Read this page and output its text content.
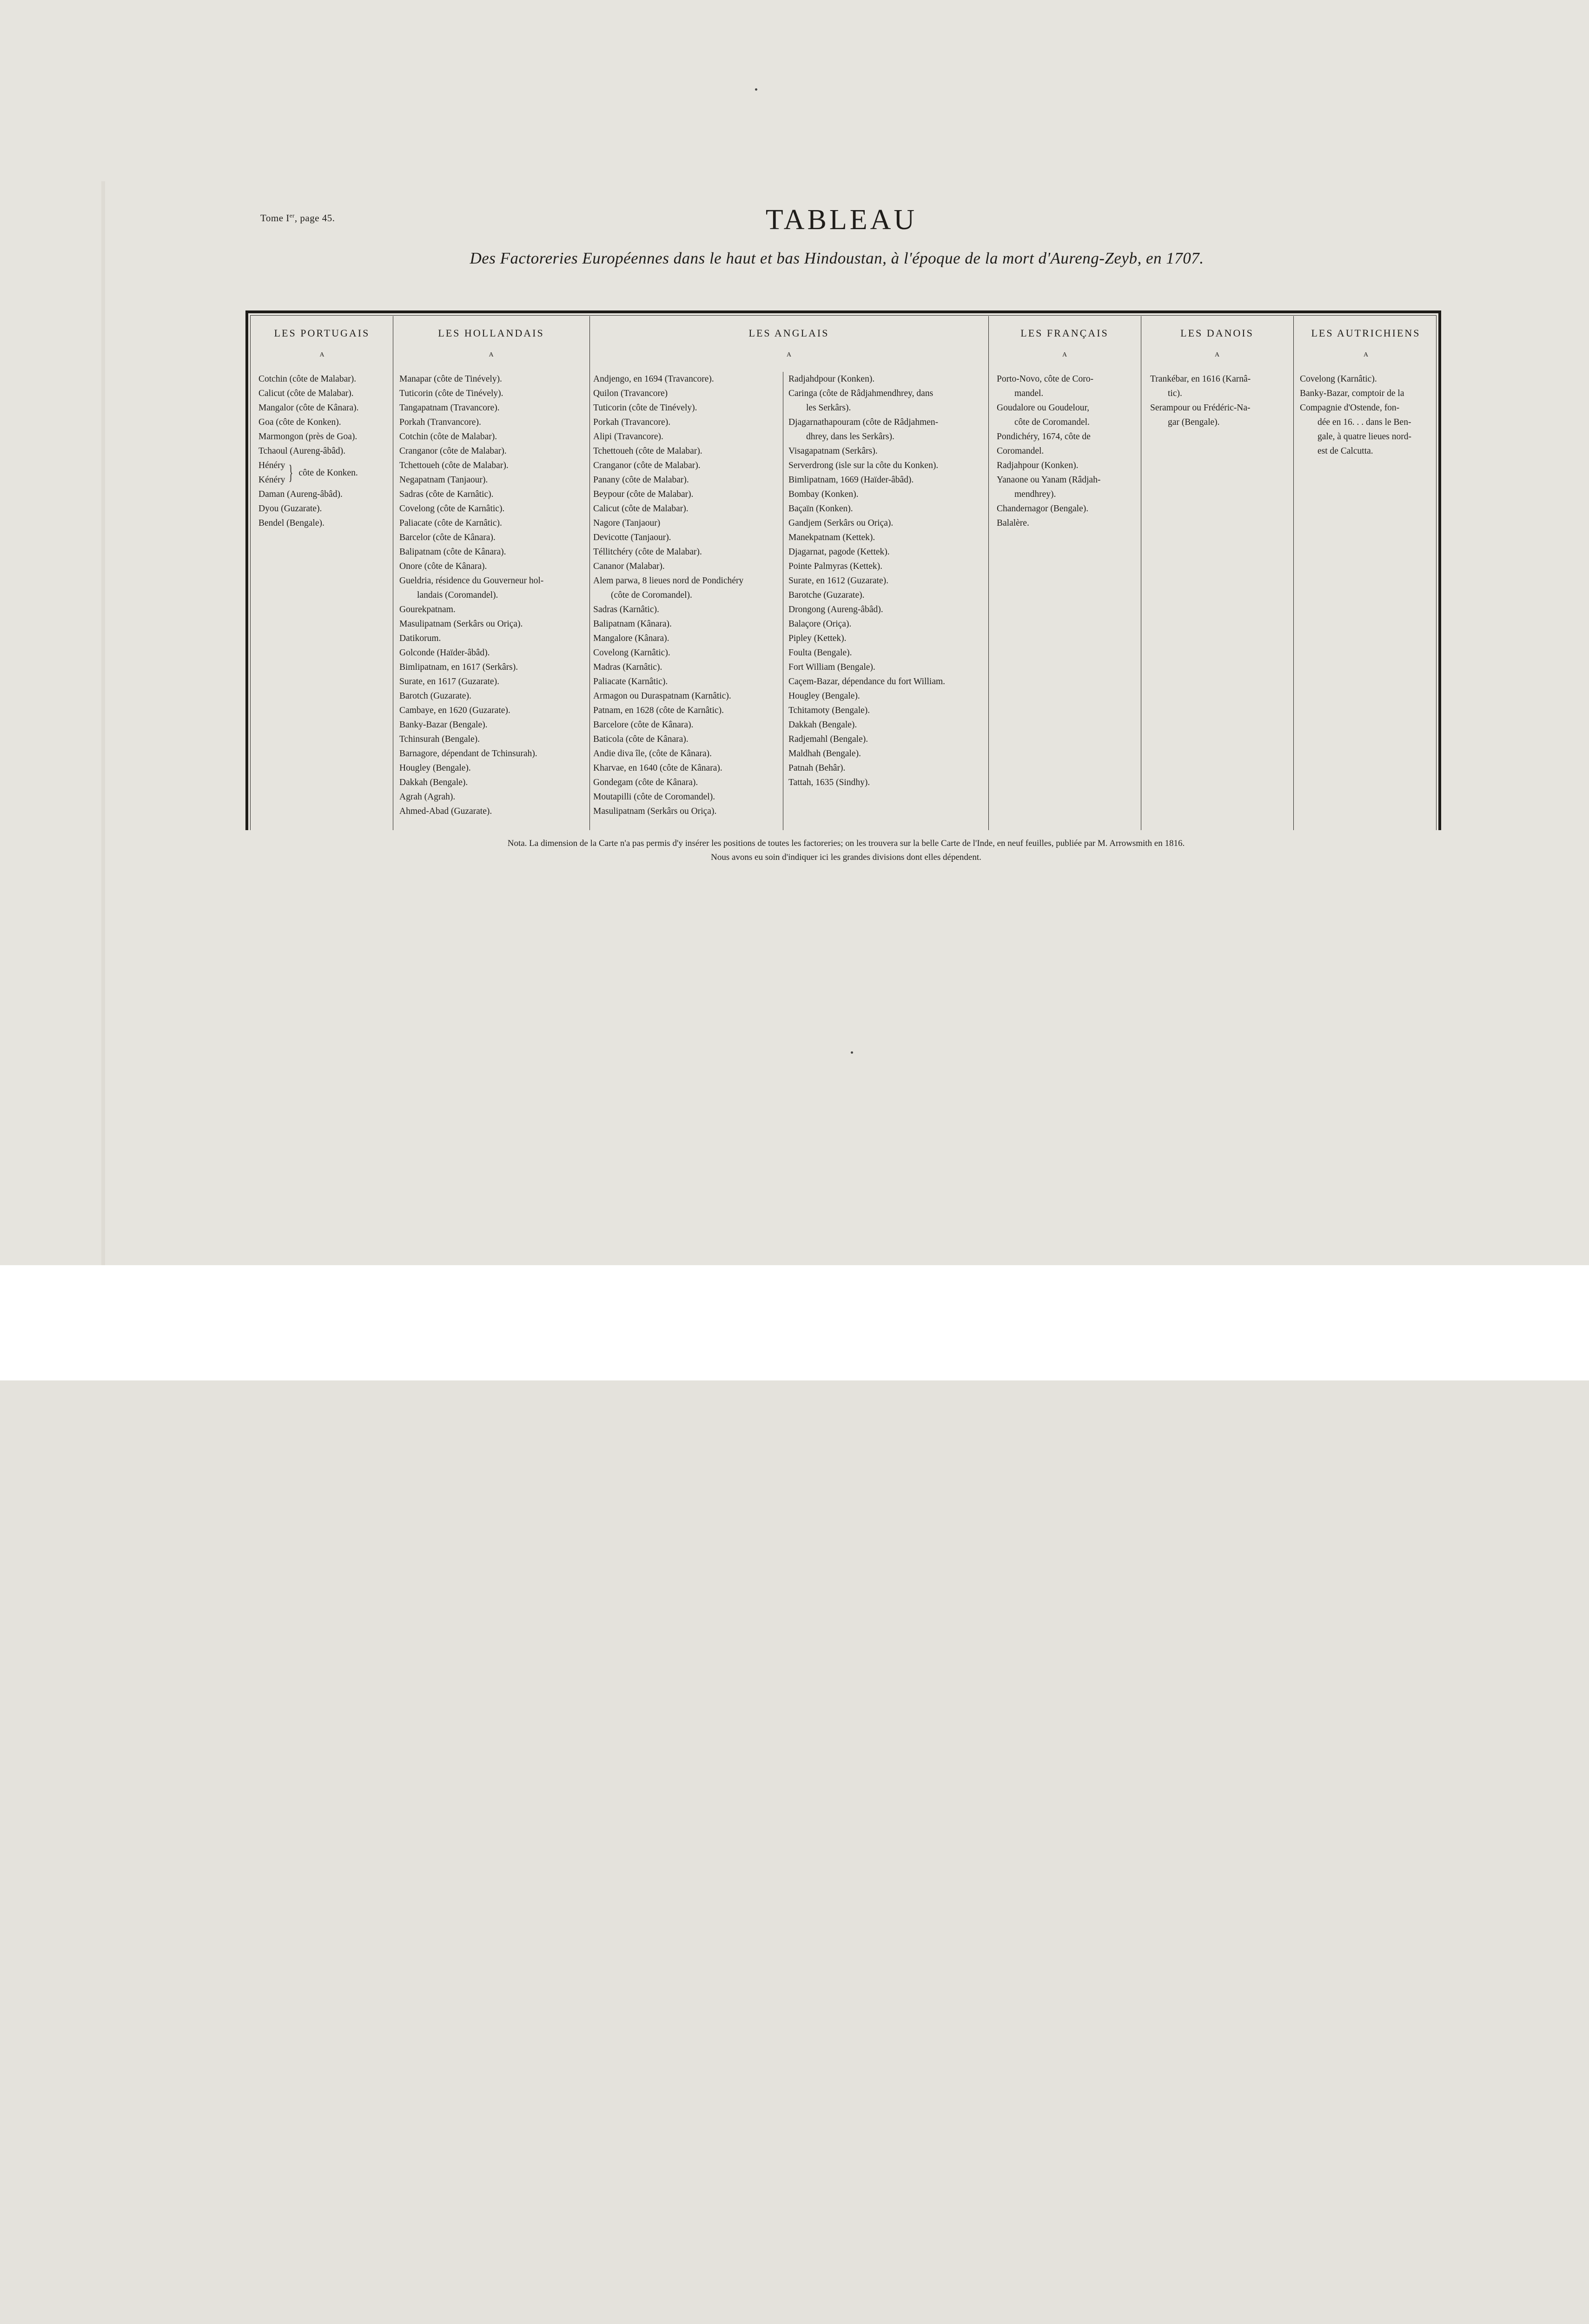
Tome Ier, page 45.	TABLEAU
Des Factoreries Européennes dans le haut et bas Hindoustan, à l'époque de la mort d'Aureng-Zeyb, en 1707.
LES PORTUGAIS
A
Cotchin (côte de Malabar).
Calicut (côte de Malabar).
Mangalor (côte de Kânara).
Goa (côte de Konken).
Marmongon (près de Goa).
Tchaoul (Aureng-âbâd).
Hénéry
Kénéry } côte de Konken.
Daman (Aureng-âbâd).
Dyou (Guzarate).
Bendel (Bengale).
LES HOLLANDAIS
A
Manapar (côte de Tinévely).
Tuticorin (côte de Tinévely).
Tangapatnam (Travancore).
Porkah (Tranvancore).
Cotchin (côte de Malabar).
Cranganor (côte de Malabar).
Tchettoueh (côte de Malabar).
Negapatnam (Tanjaour).
Sadras (côte de Karnâtic).
Covelong (côte de Karnâtic).
Paliacate (côte de Karnâtic).
Barcelor (côte de Kânara).
Balipatnam (côte de Kânara).
Onore (côte de Kânara).
Gueldria, résidence du Gouverneur hol-
landais (Coromandel).
Gourekpatnam.
Masulipatnam (Serkârs ou Oriça).
Datikorum.
Golconde (Haïder-âbâd).
Bimlipatnam, en 1617 (Serkârs).
Surate, en 1617 (Guzarate).
Barotch (Guzarate).
Cambaye, en 1620 (Guzarate).
Banky-Bazar (Bengale).
Tchinsurah (Bengale).
Barnagore, dépendant de Tchinsurah).
Hougley (Bengale).
Dakkah (Bengale).
Agrah (Agrah).
Ahmed-Abad (Guzarate).
LES ANGLAIS
A
Andjengo, en 1694 (Travancore).
Quilon (Travancore)
Tuticorin (côte de Tinévely).
Porkah (Travancore).
Alipi (Travancore).
Tchettoueh (côte de Malabar).
Cranganor (côte de Malabar).
Panany (côte de Malabar).
Beypour (côte de Malabar).
Calicut (côte de Malabar).
Nagore (Tanjaour)
Devicotte (Tanjaour).
Téllitchéry (côte de Malabar).
Cananor (Malabar).
Alem parwa, 8 lieues nord de Pondichéry
(côte de Coromandel).
Sadras (Karnâtic).
Balipatnam (Kânara).
Mangalore (Kânara).
Covelong (Karnâtic).
Madras (Karnâtic).
Paliacate (Karnâtic).
Armagon ou Duraspatnam (Karnâtic).
Patnam, en 1628 (côte de Karnâtic).
Barcelore (côte de Kânara).
Baticola (côte de Kânara).
Andie diva île, (côte de Kânara).
Kharvae, en 1640 (côte de Kânara).
Gondegam (côte de Kânara).
Moutapilli (côte de Coromandel).
Masulipatnam (Serkârs ou Oriça).
Radjahdpour (Konken).
Caringa (côte de Râdjahmendhrey, dans
les Serkârs).
Djagarnathapouram (côte de Râdjahmen-
dhrey, dans les Serkârs).
Visagapatnam (Serkârs).
Serverdrong (isle sur la côte du Konken).
Bimlipatnam, 1669 (Haïder-âbâd).
Bombay (Konken).
Baçaïn (Konken).
Gandjem (Serkârs ou Oriça).
Manekpatnam (Kettek).
Djagarnat, pagode (Kettek).
Pointe Palmyras (Kettek).
Surate, en 1612 (Guzarate).
Barotche (Guzarate).
Drongong (Aureng-âbâd).
Balaçore (Oriça).
Pipley (Kettek).
Foulta (Bengale).
Fort William (Bengale).
Caçem-Bazar, dépendance du fort William.
Hougley (Bengale).
Tchitamoty (Bengale).
Dakkah (Bengale).
Radjemahl (Bengale).
Maldhah (Bengale).
Patnah (Behâr).
Tattah, 1635 (Sindhy).
LES FRANÇAIS
A
Porto-Novo, côte de Coro-
mandel.
Goudalore ou Goudelour,
côte de Coromandel.
Pondichéry, 1674, côte de
Coromandel.
Radjahpour (Konken).
Yanaone ou Yanam (Râdjah-
mendhrey).
Chandernagor (Bengale).
Balalère.
LES DANOIS
A
Trankébar, en 1616 (Karnâ-
tic).
Serampour ou Frédéric-Na-
gar (Bengale).
LES AUTRICHIENS
A
Covelong (Karnâtic).
Banky-Bazar, comptoir de la
Compagnie d'Ostende, fon-
dée en 16. . . dans le Ben-
gale, à quatre lieues nord-
est de Calcutta.
Nota. La dimension de la Carte n'a pas permis d'y insérer les positions de toutes les factoreries; on les trouvera sur la belle Carte de l'Inde, en neuf feuilles, publiée par M. Arrowsmith en 1816.
Nous avons eu soin d'indiquer ici les grandes divisions dont elles dépendent.
